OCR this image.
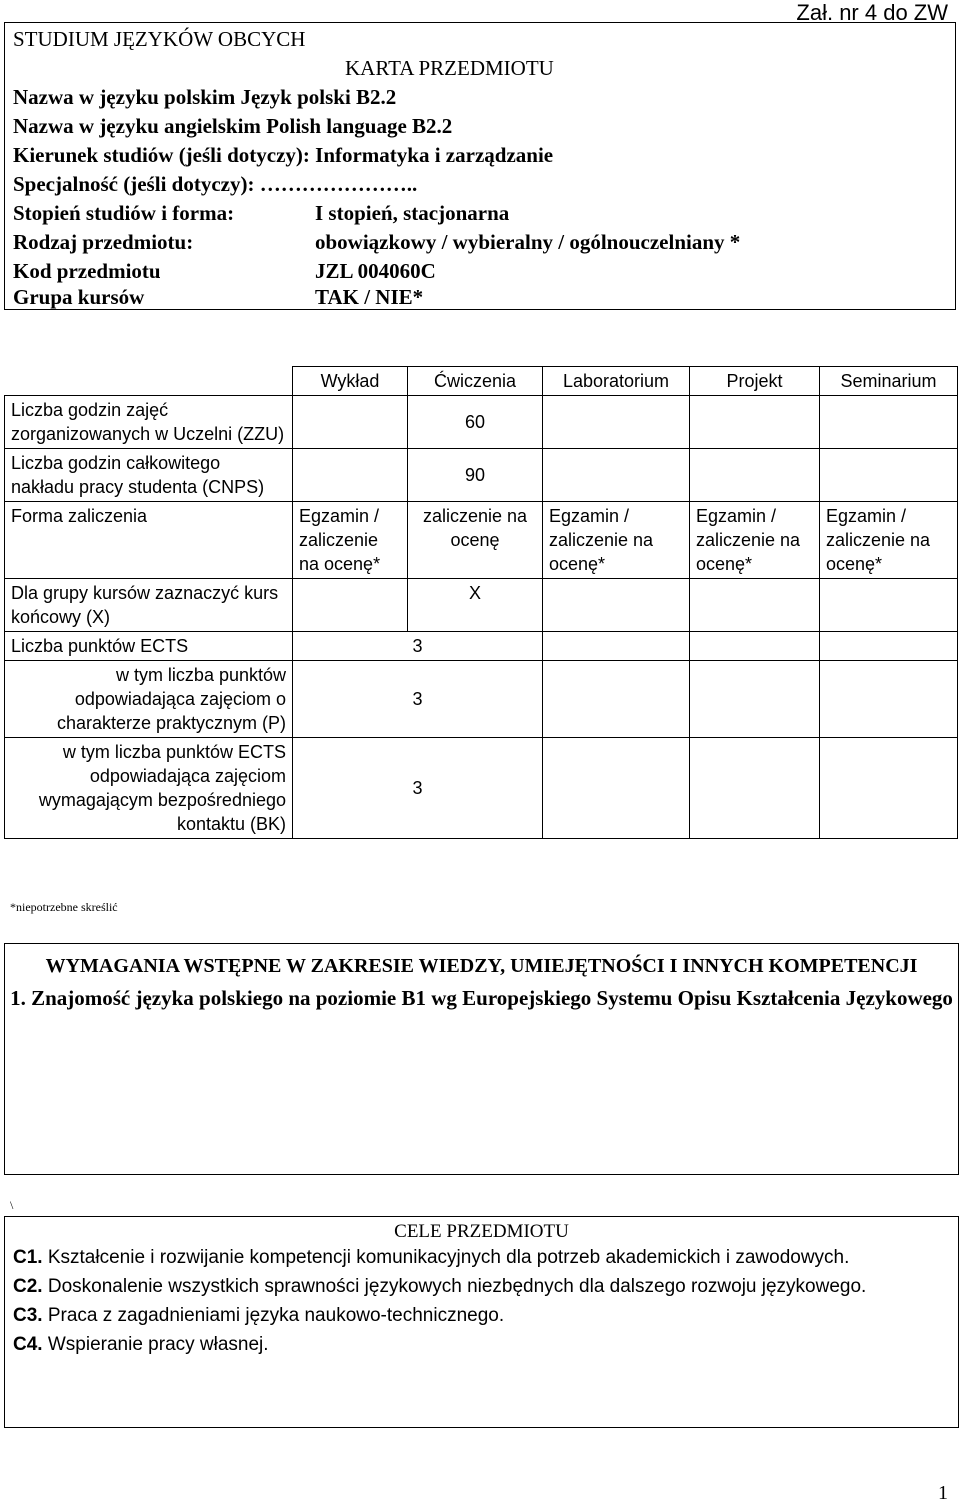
Zał. nr 4 do ZW
STUDIUM JĘZYKÓW OBCYCH
KARTA PRZEDMIOTU
Nazwa w języku polskim Język polski B2.2
Nazwa w języku angielskim Polish language B2.2
Kierunek studiów (jeśli dotyczy): Informatyka i zarządzanie
Specjalność (jeśli dotyczy): …………………..
Stopień studiów i forma:	I stopień, stacjonarna
Rodzaj przedmiotu:	obowiązkowy / wybieralny / ogólnouczelniany *
Kod przedmiotu	JZL 004060C
Grupa kursów	TAK / NIE*
	Wykład	Ćwiczenia	Laboratorium	Projekt	Seminarium
Liczba godzin zajęć zorganizowanych w Uczelni (ZZU)		60			
Liczba godzin całkowitego nakładu pracy studenta (CNPS)		90			
Forma zaliczenia	Egzamin / zaliczenie na ocenę*	zaliczenie na ocenę	Egzamin / zaliczenie na ocenę*	Egzamin / zaliczenie na ocenę*	Egzamin / zaliczenie na ocenę*
Dla grupy kursów zaznaczyć kurs końcowy (X)		X			
Liczba punktów ECTS	3				
w tym liczba punktów odpowiadająca zajęciom o charakterze praktycznym (P)	3				
w tym liczba punktów ECTS odpowiadająca zajęciom wymagającym bezpośredniego kontaktu (BK)	3				
*niepotrzebne skreślić
WYMAGANIA WSTĘPNE W ZAKRESIE WIEDZY, UMIEJĘTNOŚCI I INNYCH KOMPETENCJI
1. Znajomość języka polskiego na poziomie B1 wg Europejskiego Systemu Opisu Kształcenia Językowego
\
CELE PRZEDMIOTU

C1. Kształcenie i rozwijanie kompetencji komunikacyjnych dla potrzeb akademickich i zawodowych.

C2. Doskonalenie wszystkich sprawności językowych niezbędnych dla dalszego rozwoju językowego.

C3. Praca z zagadnieniami języka naukowo-technicznego.

C4. Wspieranie pracy własnej.

1
